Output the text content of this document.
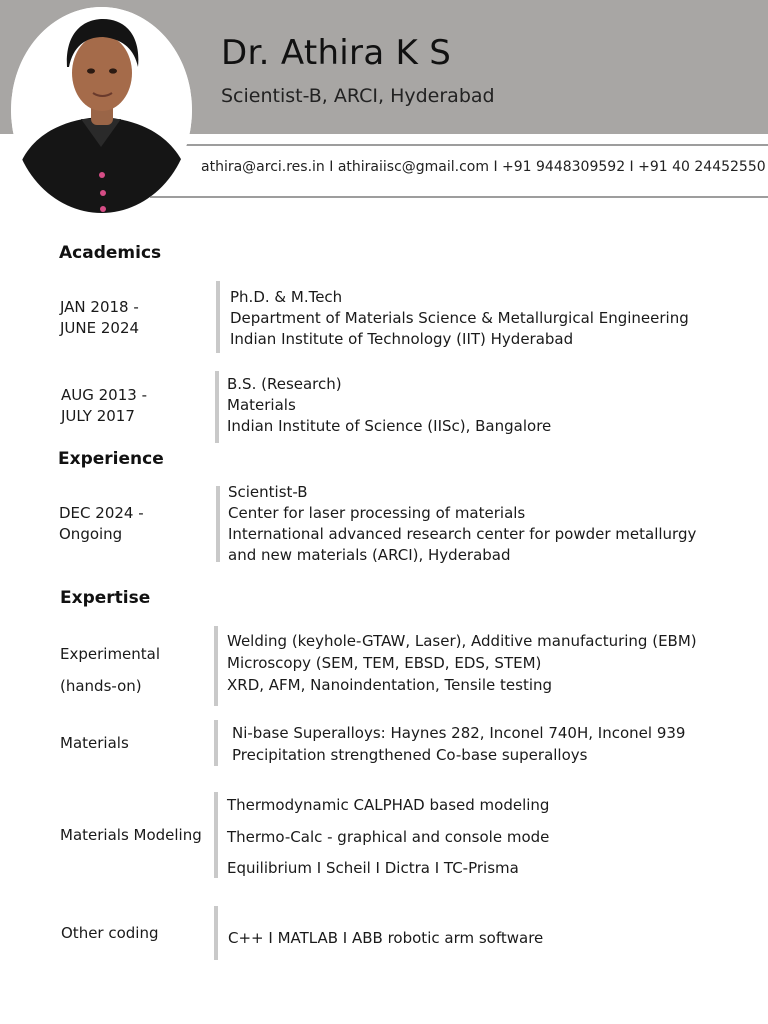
Dr. Athira K S
Scientist-B, ARCI, Hyderabad
athira@arci.res.in I athiraiisc@gmail.com I +91 9448309592 I +91 40 24452550
Academics
JAN 2018 -
JUNE 2024
Ph.D. & M.Tech
Department of Materials Science & Metallurgical Engineering
Indian Institute of Technology (IIT) Hyderabad
AUG 2013 -
JULY 2017
B.S. (Research)
Materials
Indian Institute of Science (IISc), Bangalore
Experience
DEC 2024 -
Ongoing
Scientist-B
Center for laser processing of materials
International advanced research center for powder metallurgy
and new materials (ARCI), Hyderabad
Expertise
Experimental
(hands-on)
Welding (keyhole-GTAW, Laser), Additive manufacturing (EBM)
Microscopy (SEM, TEM, EBSD, EDS, STEM)
XRD, AFM, Nanoindentation, Tensile testing
Materials
Ni-base Superalloys: Haynes 282, Inconel 740H, Inconel 939
Precipitation strengthened Co-base superalloys
Materials Modeling
Thermodynamic CALPHAD based modeling
Thermo-Calc - graphical and console mode
Equilibrium I Scheil I Dictra I TC-Prisma
Other coding	C++ I MATLAB I ABB robotic arm software
